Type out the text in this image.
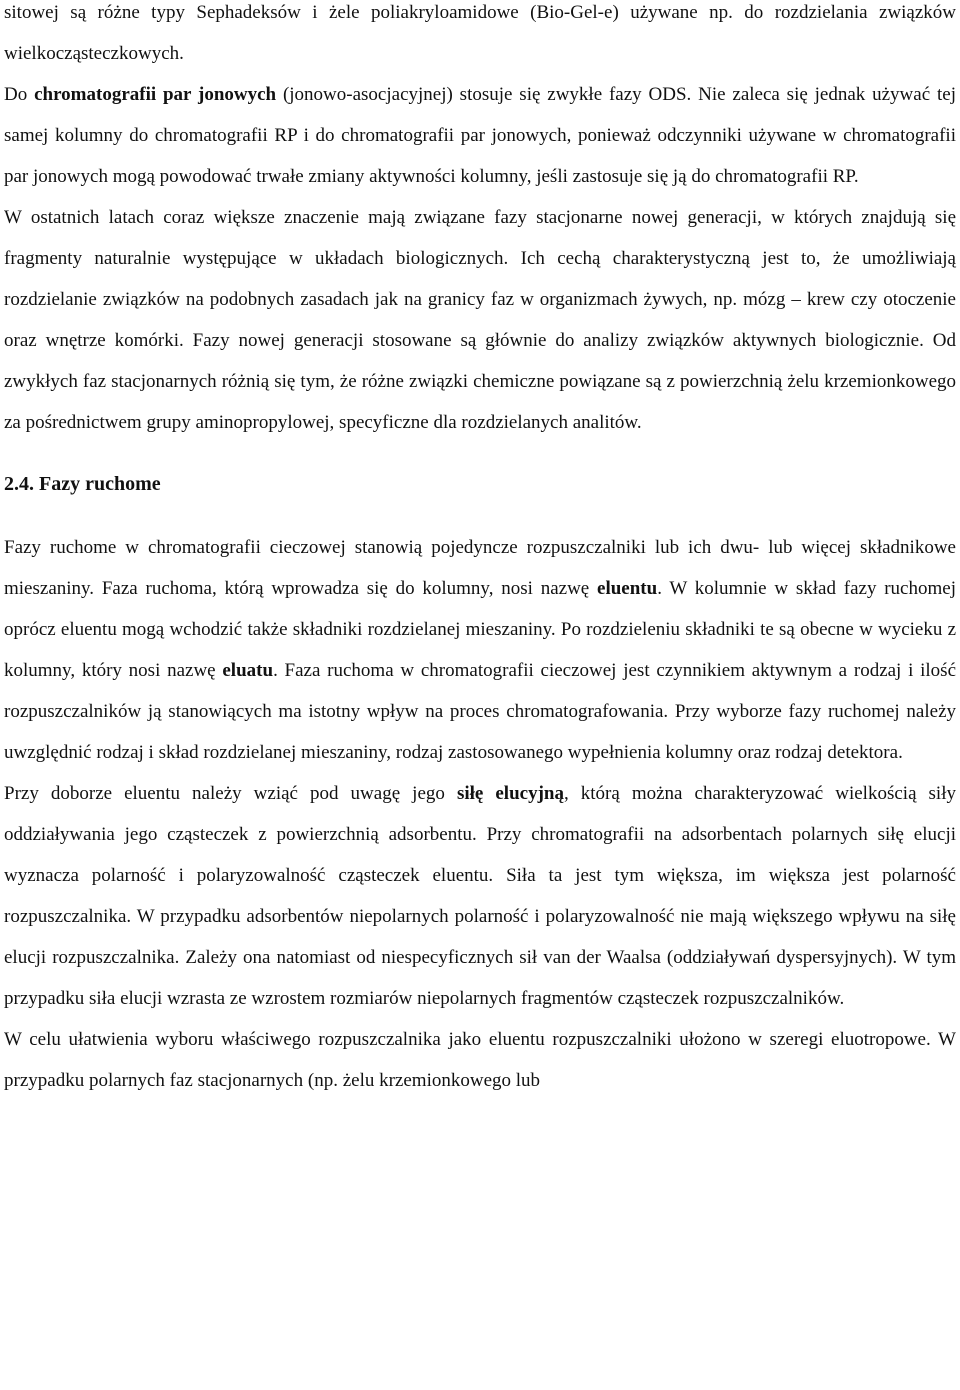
sitowej są różne typy Sephadeksów i żele poliakryloamidowe (Bio-Gel-e) używane np. do rozdzielania związków wielkocząsteczkowych.

Do chromatografii par jonowych (jonowo-asocjacyjnej) stosuje się zwykłe fazy ODS. Nie zaleca się jednak używać tej samej kolumny do chromatografii RP i do chromatografii par jonowych, ponieważ odczynniki używane w chromatografii par jonowych mogą powodować trwałe zmiany aktywności kolumny, jeśli zastosuje się ją do chromatografii RP.

W ostatnich latach coraz większe znaczenie mają związane fazy stacjonarne nowej generacji, w których znajdują się fragmenty naturalnie występujące w układach biologicznych. Ich cechą charakterystyczną jest to, że umożliwiają rozdzielanie związków na podobnych zasadach jak na granicy faz w organizmach żywych, np. mózg – krew czy otoczenie oraz wnętrze komórki. Fazy nowej generacji stosowane są głównie do analizy związków aktywnych biologicznie. Od zwykłych faz stacjonarnych różnią się tym, że różne związki chemiczne powiązane są z powierzchnią żelu krzemionkowego za pośrednictwem grupy aminopropylowej, specyficzne dla rozdzielanych analitów.

2.4. Fazy ruchome

Fazy ruchome w chromatografii cieczowej stanowią pojedyncze rozpuszczalniki lub ich dwu- lub więcej składnikowe mieszaniny. Faza ruchoma, którą wprowadza się do kolumny, nosi nazwę eluentu. W kolumnie w skład fazy ruchomej oprócz eluentu mogą wchodzić także składniki rozdzielanej mieszaniny. Po rozdzieleniu składniki te są obecne w wycieku z kolumny, który nosi nazwę eluatu. Faza ruchoma w chromatografii cieczowej jest czynnikiem aktywnym a rodzaj i ilość rozpuszczalników ją stanowiących ma istotny wpływ na proces chromatografowania. Przy wyborze fazy ruchomej należy uwzględnić rodzaj i skład rozdzielanej mieszaniny, rodzaj zastosowanego wypełnienia kolumny oraz rodzaj detektora.

Przy doborze eluentu należy wziąć pod uwagę jego siłę elucyjną, którą można charakteryzować wielkością siły oddziaływania jego cząsteczek z powierzchnią adsorbentu. Przy chromatografii na adsorbentach polarnych siłę elucji wyznacza polarność i polaryzowalność cząsteczek eluentu. Siła ta jest tym większa, im większa jest polarność rozpuszczalnika. W przypadku adsorbentów niepolarnych polarność i polaryzowalność nie mają większego wpływu na siłę elucji rozpuszczalnika. Zależy ona natomiast od niespecyficznych sił van der Waalsa (oddziaływań dyspersyjnych). W tym przypadku siła elucji wzrasta ze wzrostem rozmiarów niepolarnych fragmentów cząsteczek rozpuszczalników.

W celu ułatwienia wyboru właściwego rozpuszczalnika jako eluentu rozpuszczalniki ułożono w szeregi eluotropowe. W przypadku polarnych faz stacjonarnych (np. żelu krzemionkowego lub
